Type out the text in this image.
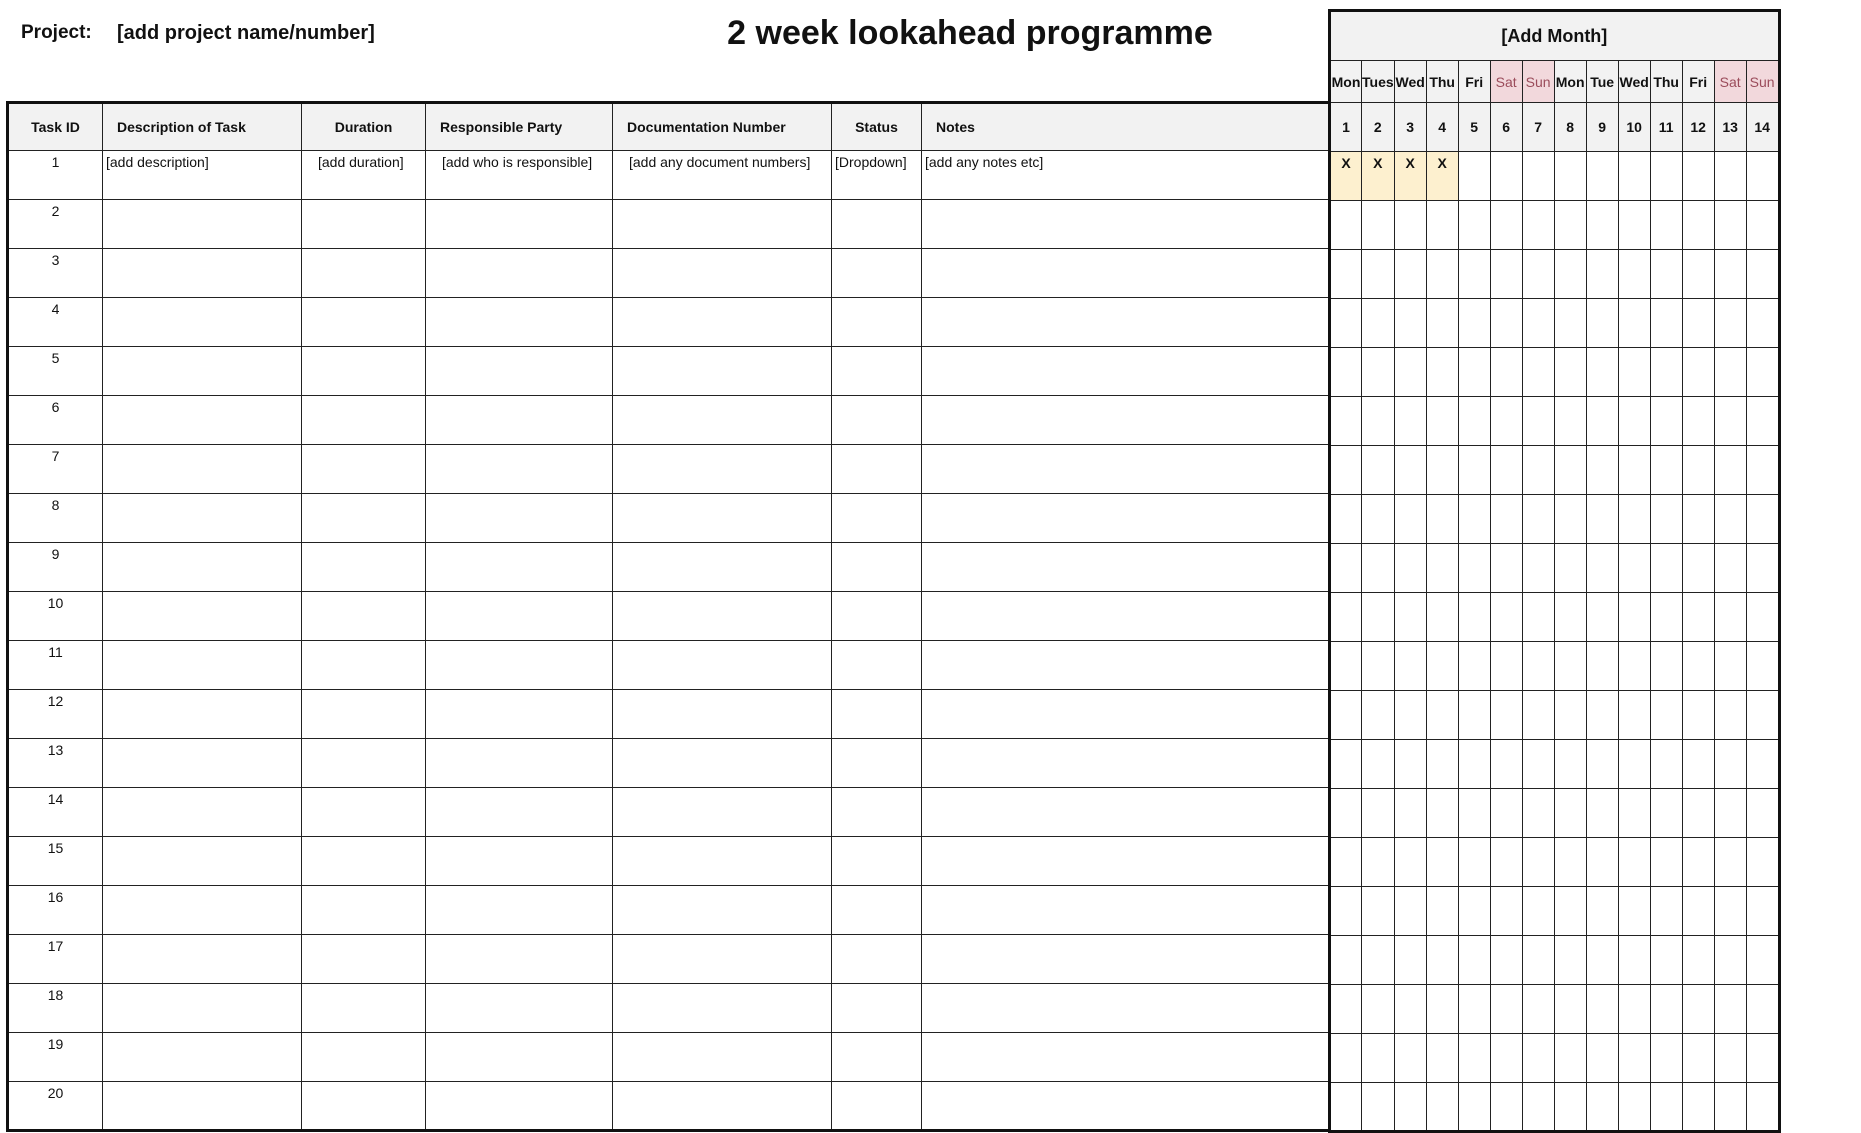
Project: [add project name/number]	2 week lookahead programme
Task ID	Description of Task	Duration	Responsible Party	Documentation Number	Status	Notes
1	[add description]	[add duration]	[add who is responsible]	[add any document numbers]	[Dropdown]	[add any notes etc]
2						
3						
4						
5						
6						
7						
8						
9						
10						
11						
12						
13						
14						
15						
16						
17						
18						
19						
20						
[Add Month]													
Mon	Tues	Wed	Thu	Fri	Sat	Sun	Mon	Tue	Wed	Thu	Fri	Sat	Sun
1	2	3	4	5	6	7	8	9	10	11	12	13	14
X	X	X	X										
